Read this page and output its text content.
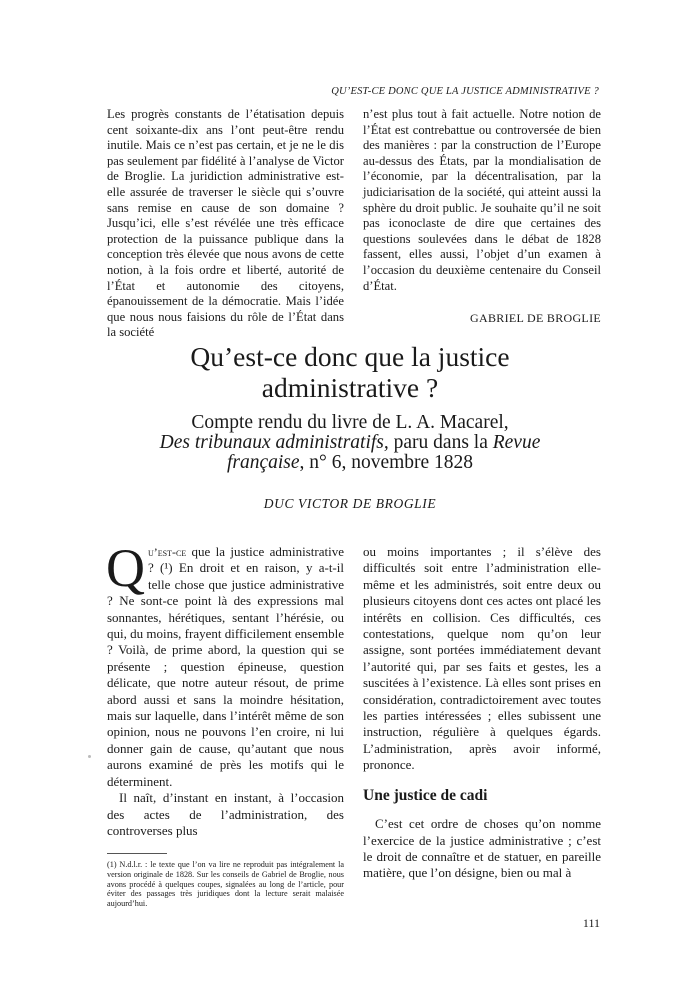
QU’EST-CE DONC QUE LA JUSTICE ADMINISTRATIVE ?

Les progrès constants de l’étatisation depuis cent soixante-dix ans l’ont peut-être rendu inutile. Mais ce n’est pas certain, et je ne le dis pas seulement par fidélité à l’analyse de Victor de Broglie. La juridiction administrative est-elle assurée de traverser le siècle qui s’ouvre sans remise en cause de son domaine ? Jusqu’ici, elle s’est révélée une très efficace protection de la puissance publique dans la conception très élevée que nous avons de cette notion, à la fois ordre et liberté, autorité de l’État et autonomie des citoyens, épanouissement de la démocratie. Mais l’idée que nous nous faisions du rôle de l’État dans la société

n’est plus tout à fait actuelle. Notre notion de l’État est contrebattue ou controversée de bien des manières : par la construction de l’Europe au-dessus des États, par la mondialisation de l’économie, par la décentralisation, par la judiciarisation de la société, qui atteint aussi la sphère du droit public. Je souhaite qu’il ne soit pas iconoclaste de dire que certaines des questions soulevées dans le débat de 1828 fassent, elles aussi, l’objet d’un examen à l’occasion du deuxième centenaire du Conseil d’État.

GABRIEL DE BROGLIE

Qu’est-ce donc que la justice administrative ?
Compte rendu du livre de L. A. Macarel,
Des tribunaux administratifs, paru dans la Revue
française, n° 6, novembre 1828
DUC VICTOR DE BROGLIE

Qu’est-ce que la justice administrative ? (¹) En droit et en raison, y a-t-il telle chose que justice administrative ? Ne sont-ce point là des expressions mal sonnantes, hérétiques, sentant l’hérésie, ou qui, du moins, frayent difficilement ensemble ? Voilà, de prime abord, la question qui se présente ; question épineuse, question délicate, que notre auteur résout, de prime abord aussi et sans la moindre hésitation, mais sur laquelle, dans l’intérêt même de son opinion, nous ne pouvons l’en croire, ni lui donner gain de cause, qu’autant que nous aurons examiné de près les motifs qui le déterminent.

Il naît, d’instant en instant, à l’occasion des actes de l’administration, des controverses plus

(1) N.d.l.r. : le texte que l’on va lire ne reproduit pas intégralement la version originale de 1828. Sur les conseils de Gabriel de Broglie, nous avons procédé à quelques coupes, signalées au long de l’article, pour éviter des passages très juridiques dont la lecture serait malaisée aujourd’hui.

ou moins importantes ; il s’élève des difficultés soit entre l’administration elle-même et les administrés, soit entre deux ou plusieurs citoyens dont ces actes ont placé les intérêts en collision. Ces difficultés, ces contestations, quelque nom qu’on leur assigne, sont portées immédiatement devant l’autorité qui, par ses faits et gestes, les a suscitées à l’existence. Là elles sont prises en considération, contradictoirement avec toutes les parties intéressées ; elles subissent une instruction, régulière à quelques égards. L’administration, après avoir informé, prononce.

Une justice de cadi

C’est cet ordre de choses qu’on nomme l’exercice de la justice administrative ; c’est le droit de connaître et de statuer, en pareille matière, que l’on désigne, bien ou mal à

111
